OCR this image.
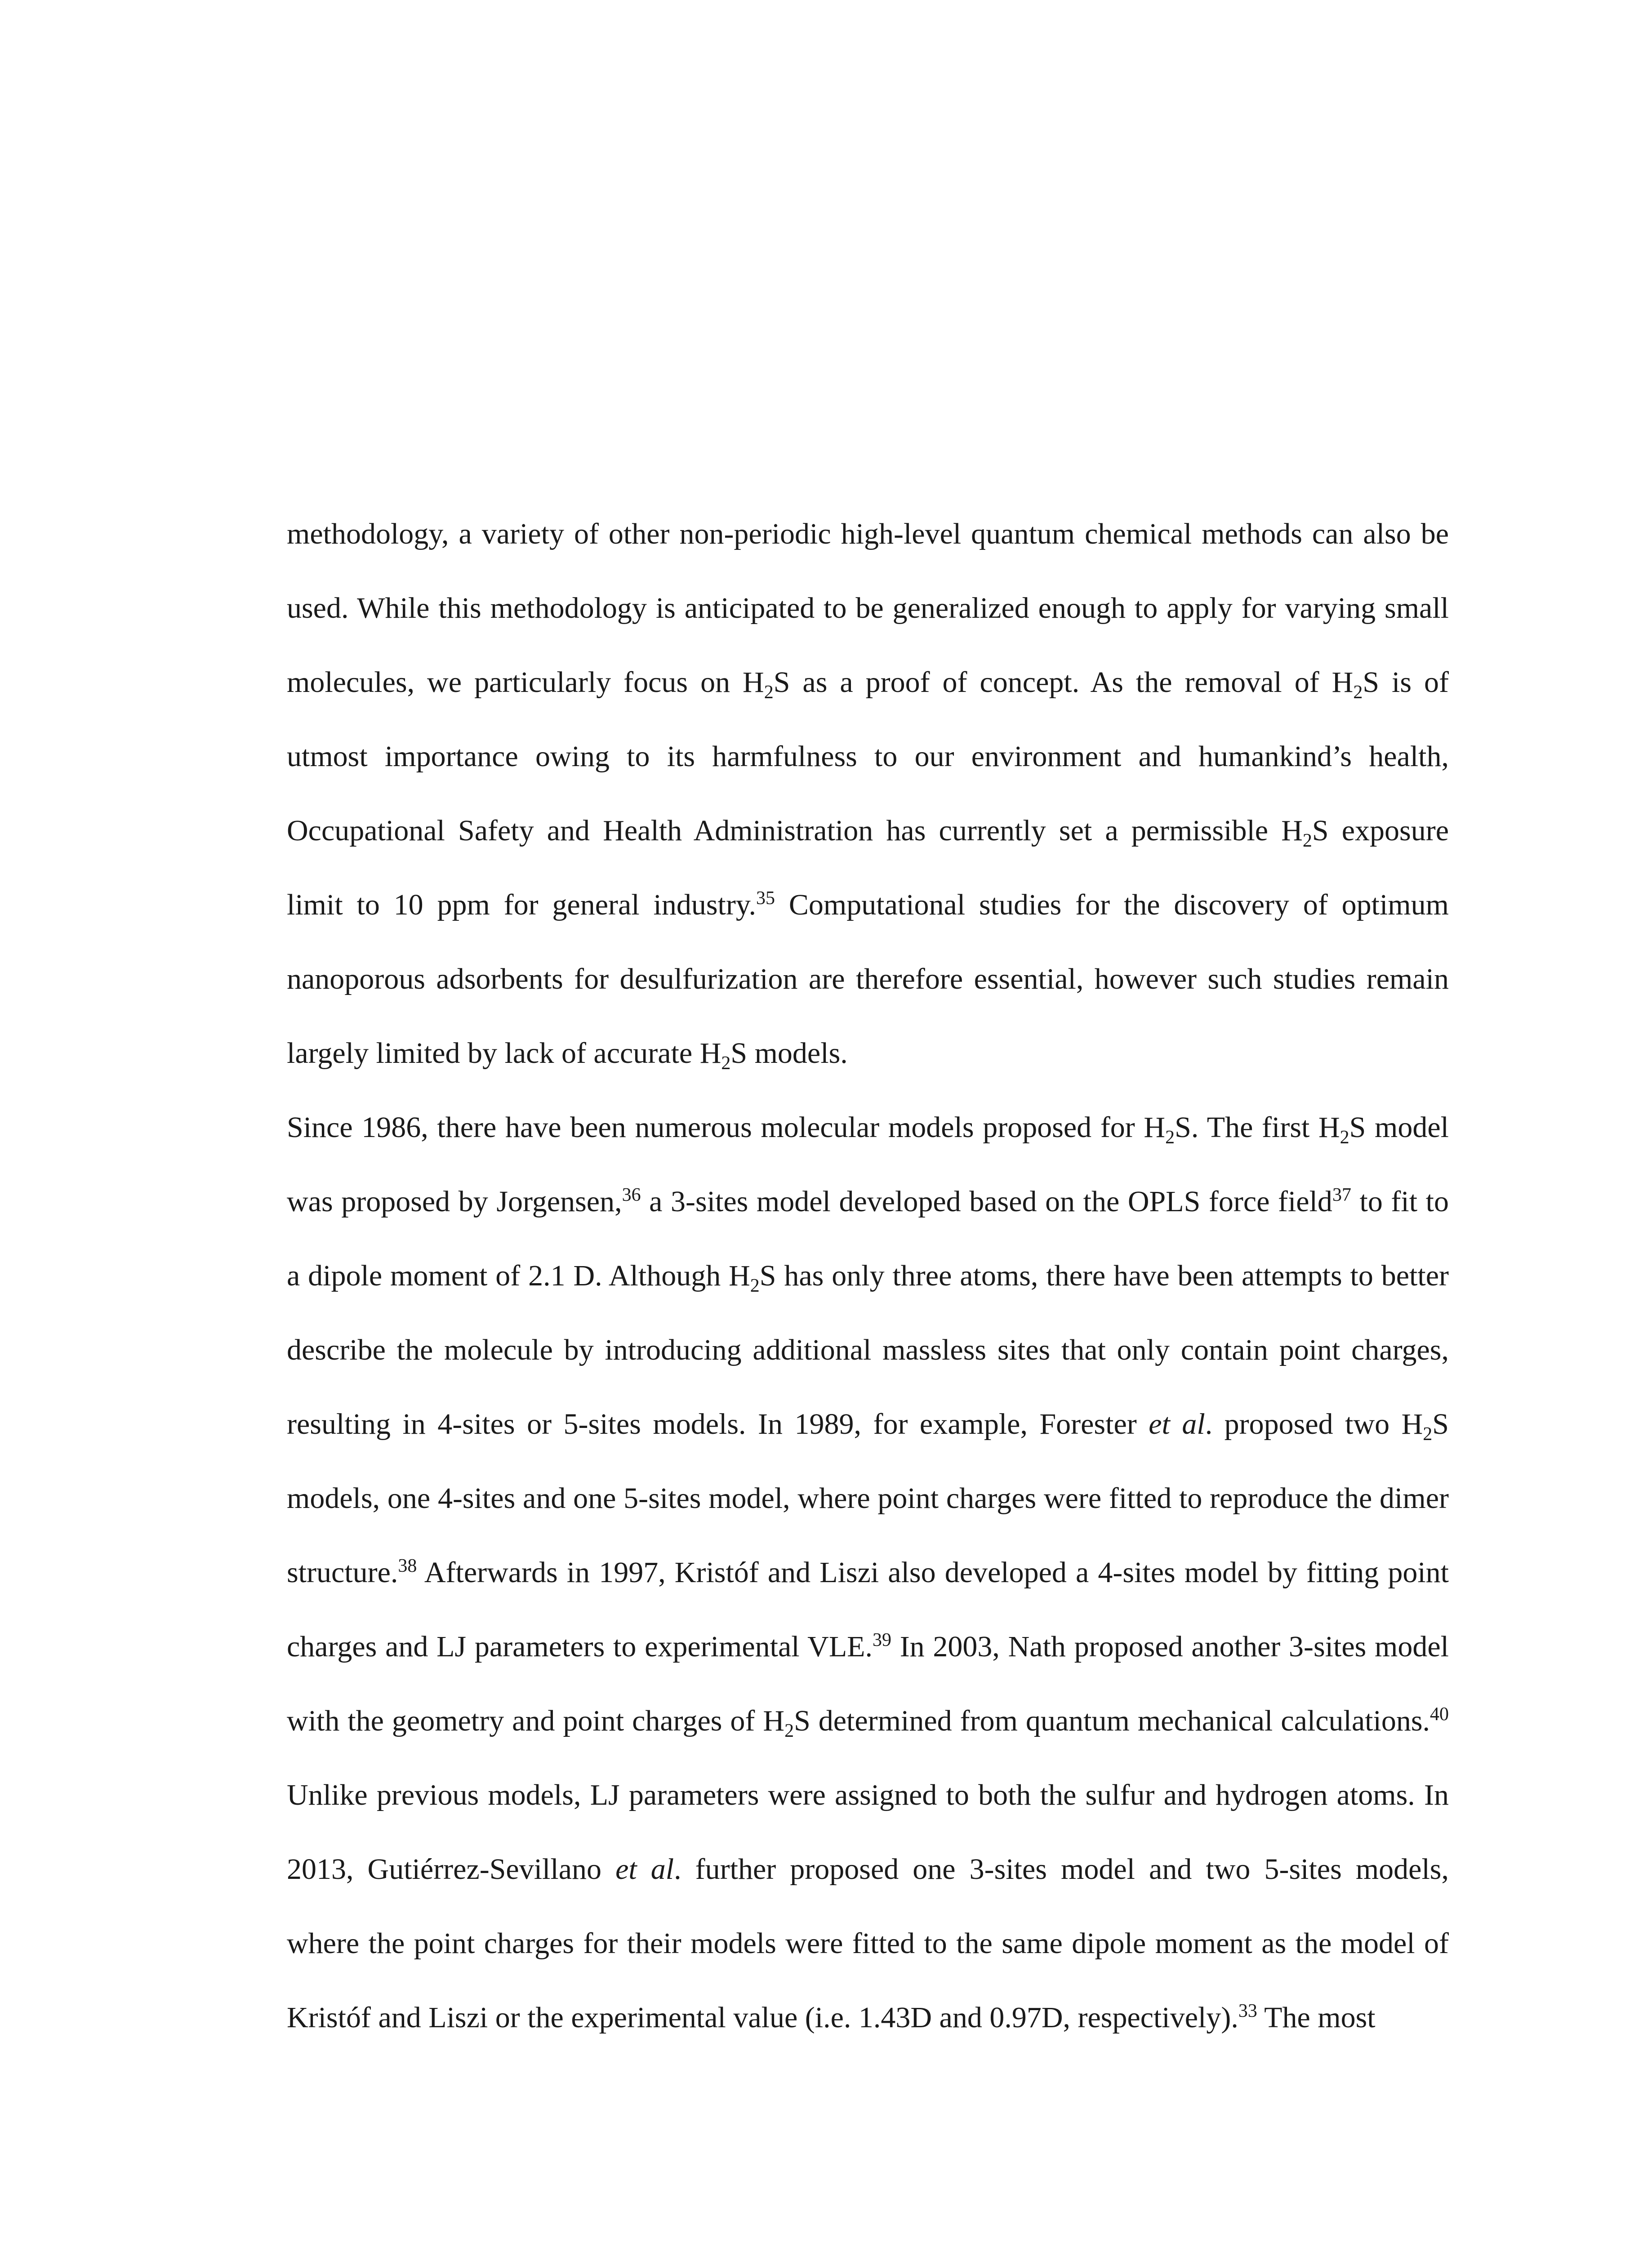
methodology, a variety of other non-periodic high-level quantum chemical methods can also be used. While this methodology is anticipated to be generalized enough to apply for varying small molecules, we particularly focus on $H_2S$ as a proof of concept. As the removal of $H_2S$ is of utmost importance owing to its harmfulness to our environment and humankind’s health, Occupational Safety and Health Administration has currently set a permissible $H_2S$ exposure limit to 10 ppm for general industry.$^{35}$ Computational studies for the discovery of optimum nanoporous adsorbents for desulfurization are therefore essential, however such studies remain largely limited by lack of accurate $H_2S$ models.

Since 1986, there have been numerous molecular models proposed for $H_2S$. The first $H_2S$ model was proposed by Jorgensen,$^{36}$ a 3-sites model developed based on the OPLS force field$^{37}$ to fit to a dipole moment of 2.1 D. Although $H_2S$ has only three atoms, there have been attempts to better describe the molecule by introducing additional massless sites that only contain point charges, resulting in 4-sites or 5-sites models. In 1989, for example, Forester et al. proposed two $H_2S$ models, one 4-sites and one 5-sites model, where point charges were fitted to reproduce the dimer structure.$^{38}$ Afterwards in 1997, Kristóf and Liszi also developed a 4-sites model by fitting point charges and LJ parameters to experimental VLE.$^{39}$ In 2003, Nath proposed another 3-sites model with the geometry and point charges of $H_2S$ determined from quantum mechanical calculations.$^{40}$ Unlike previous models, LJ parameters were assigned to both the sulfur and hydrogen atoms. In 2013, Gutiérrez-Sevillano et al. further proposed one 3-sites model and two 5-sites models, where the point charges for their models were fitted to the same dipole moment as the model of Kristóf and Liszi or the experimental value (i.e. 1.43D and 0.97D, respectively).$^{33}$ The most
